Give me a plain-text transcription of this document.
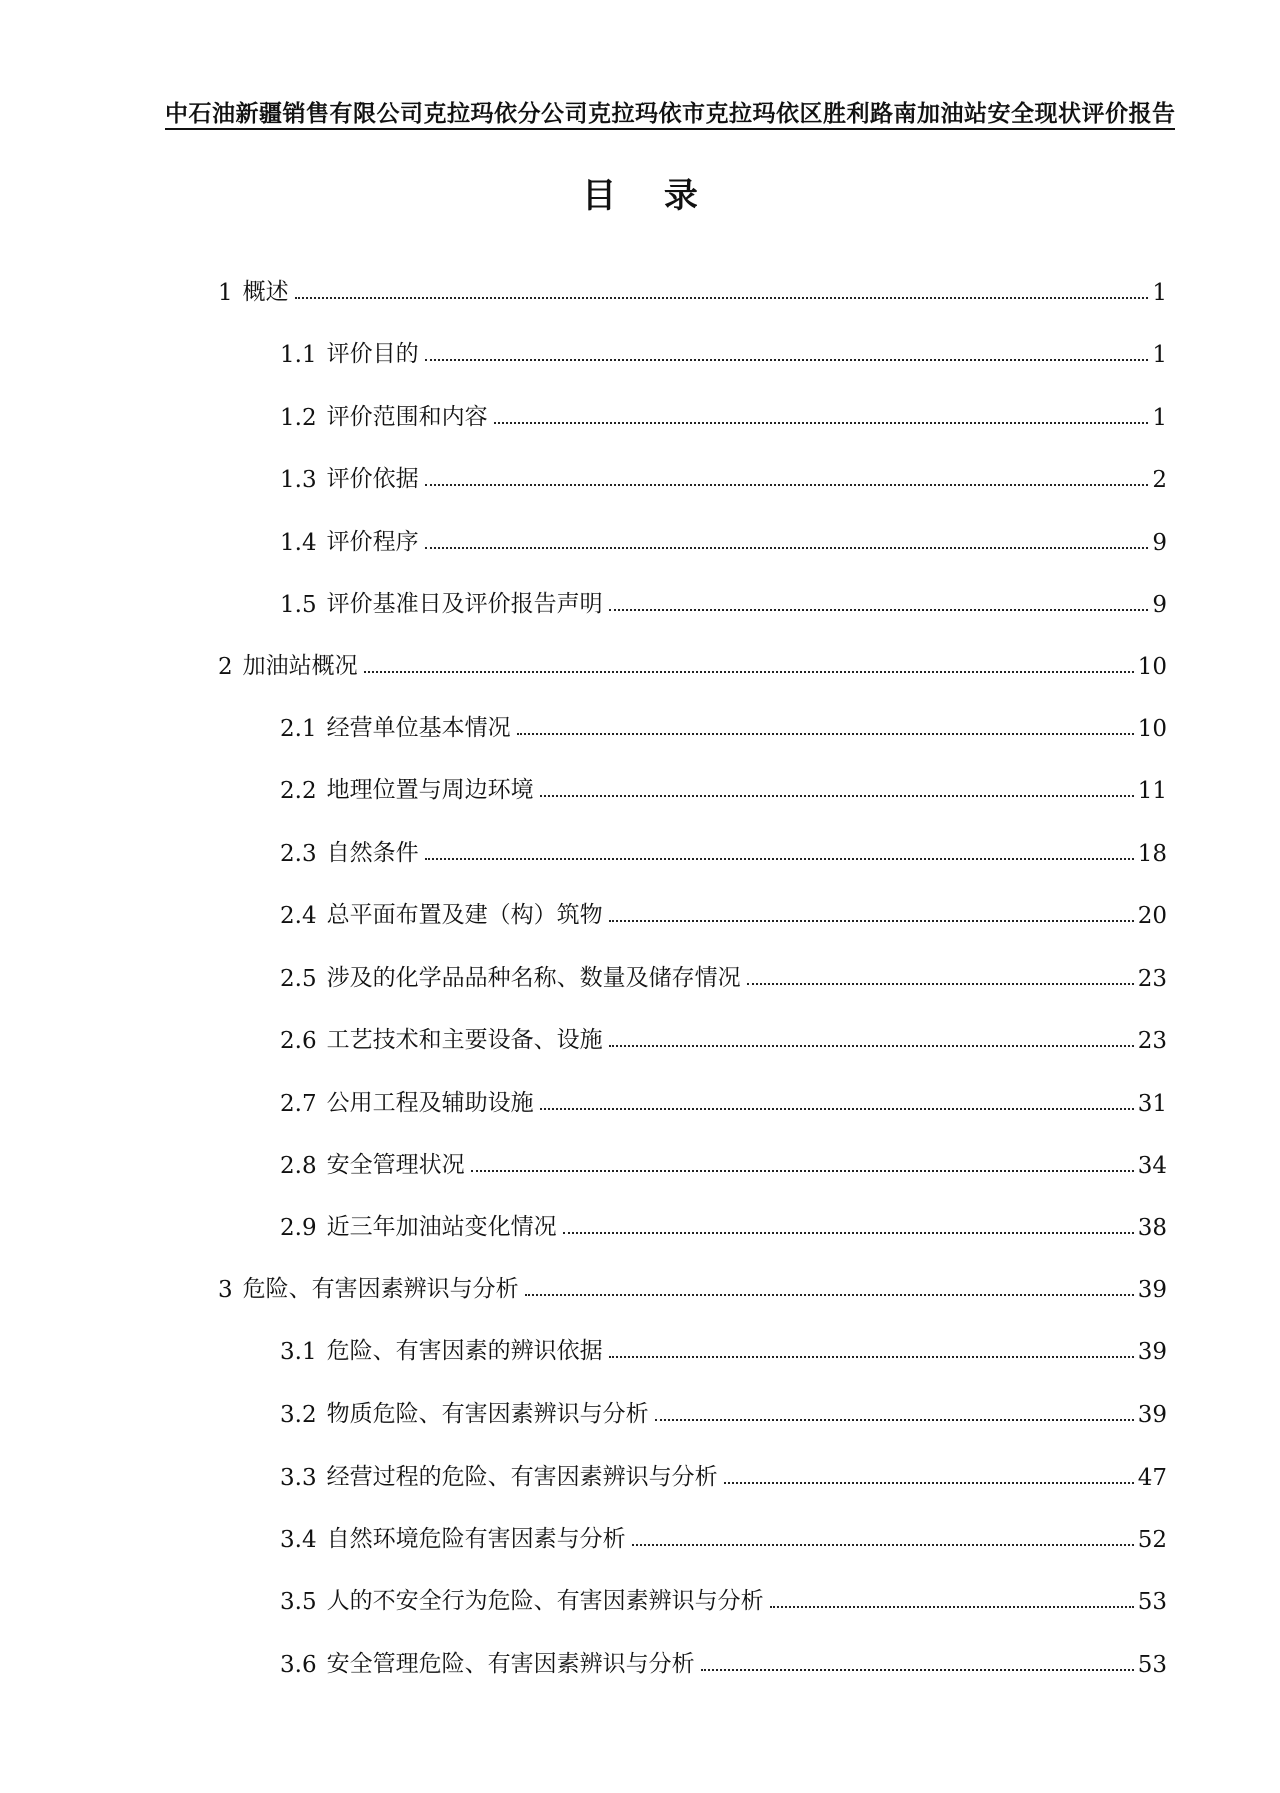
中石油新疆销售有限公司克拉玛依分公司克拉玛依市克拉玛依区胜利路南加油站安全现状评价报告
目 录
1 概述	1
1.1 评价目的	1
1.2 评价范围和内容	1
1.3 评价依据	2
1.4 评价程序	9
1.5 评价基准日及评价报告声明	9
2 加油站概况	10
2.1 经营单位基本情况	10
2.2 地理位置与周边环境	11
2.3 自然条件	18
2.4 总平面布置及建（构）筑物	20
2.5 涉及的化学品品种名称、数量及储存情况	23
2.6 工艺技术和主要设备、设施	23
2.7 公用工程及辅助设施	31
2.8 安全管理状况	34
2.9 近三年加油站变化情况	38
3 危险、有害因素辨识与分析	39
3.1 危险、有害因素的辨识依据	39
3.2 物质危险、有害因素辨识与分析	39
3.3 经营过程的危险、有害因素辨识与分析	47
3.4 自然环境危险有害因素与分析	52
3.5 人的不安全行为危险、有害因素辨识与分析	53
3.6 安全管理危险、有害因素辨识与分析	53
